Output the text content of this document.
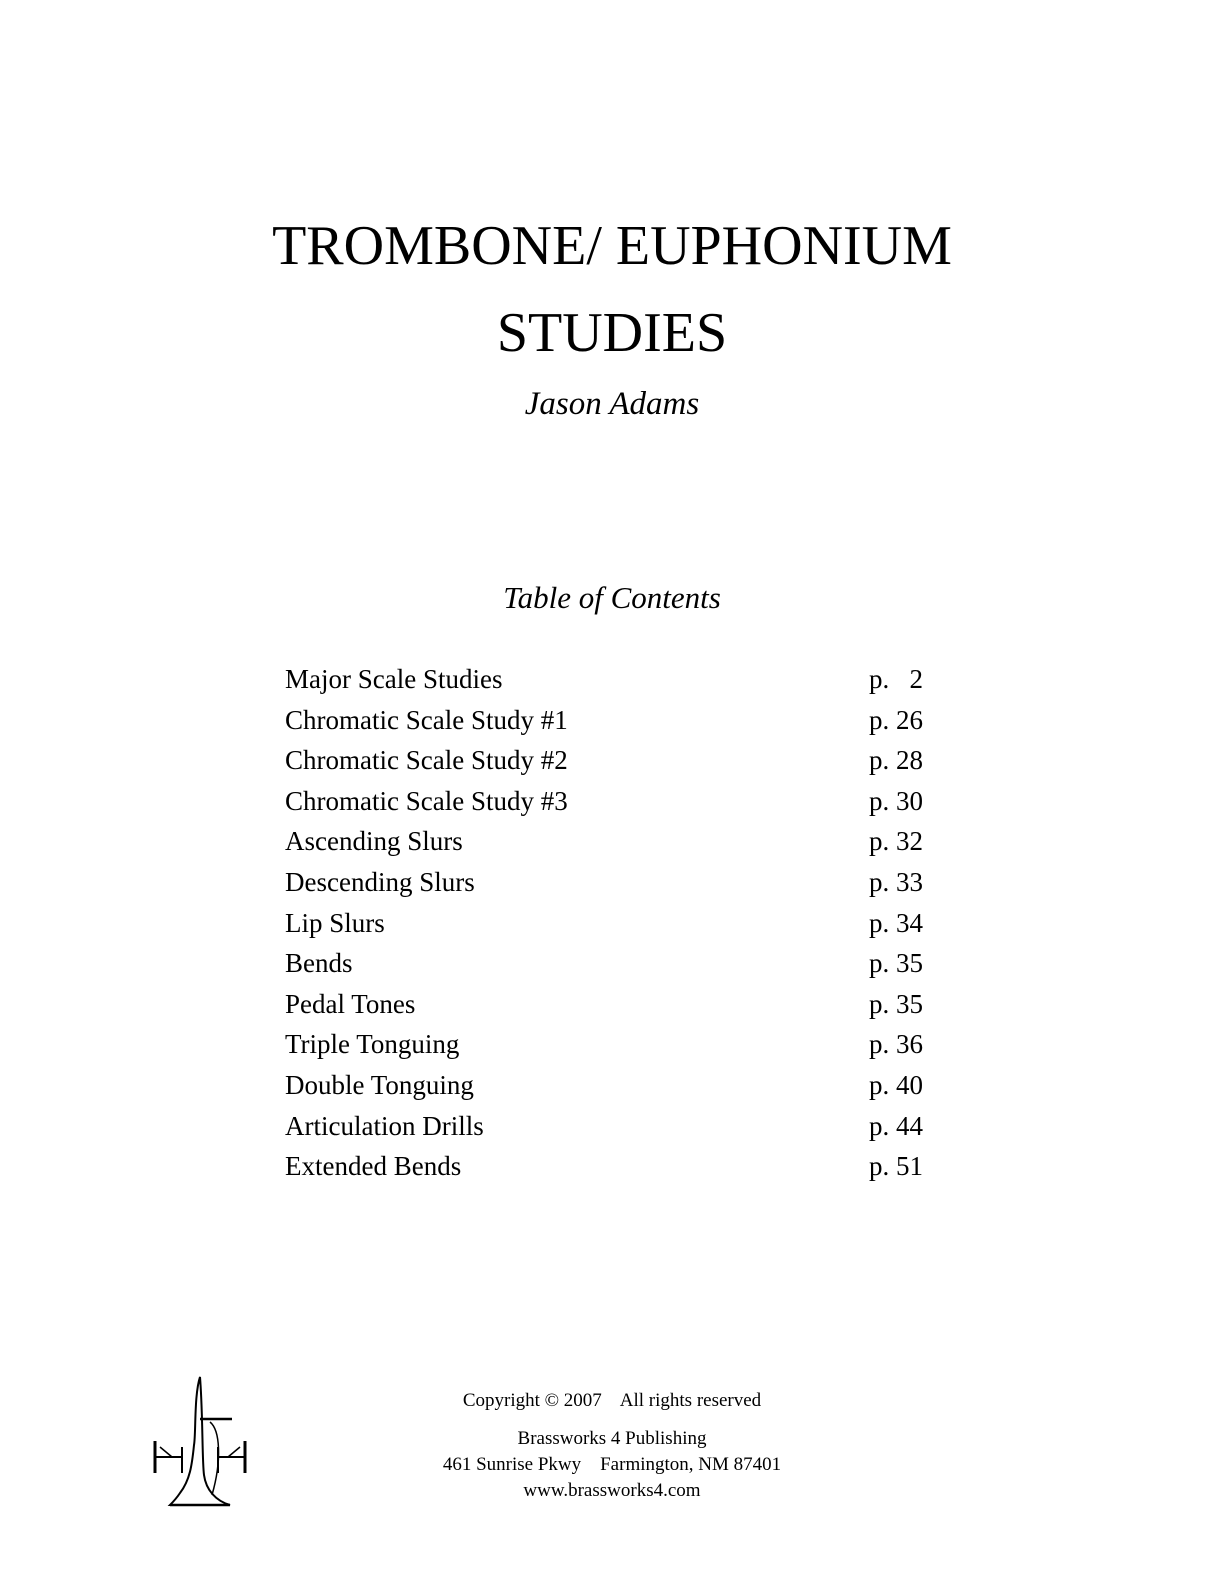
TROMBONE/ EUPHONIUM
STUDIES
Jason Adams
Table of Contents
Major Scale Studies	p.   2
Chromatic Scale Study #1	p. 26
Chromatic Scale Study #2	p. 28
Chromatic Scale Study #3	p. 30
Ascending Slurs	p. 32
Descending Slurs	p. 33
Lip Slurs	p. 34
Bends	p. 35
Pedal Tones	p. 35
Triple Tonguing	p. 36
Double Tonguing	p. 40
Articulation Drills	p. 44
Extended Bends	p. 51
Copyright © 2007 All rights reserved
Brassworks 4 Publishing
461 Sunrise Pkwy    Farmington, NM 87401
www.brassworks4.com
